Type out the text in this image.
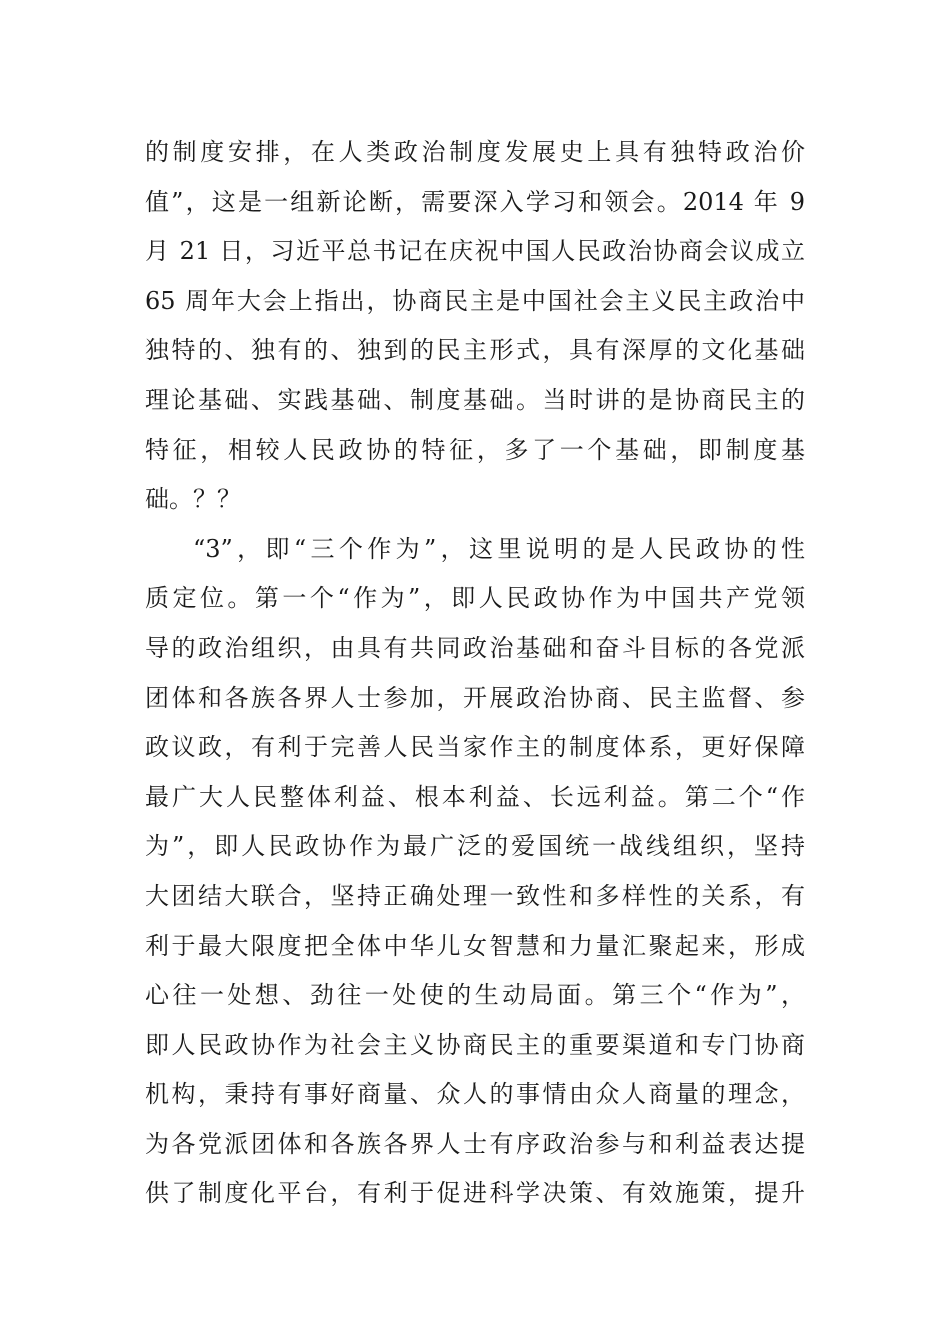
的制度安排，在人类政治制度发展史上具有独特政治价
值”，这是一组新论断，需要深入学习和领会。2014 年 9
月 21 日，习近平总书记在庆祝中国人民政治协商会议成立
65 周年大会上指出，协商民主是中国社会主义民主政治中
独特的、独有的、独到的民主形式，具有深厚的文化基础
理论基础、实践基础、制度基础。当时讲的是协商民主的
特征，相较人民政协的特征，多了一个基础，即制度基
础。？？
“3”，即“三个作为”，这里说明的是人民政协的性
质定位。第一个“作为”，即人民政协作为中国共产党领
导的政治组织，由具有共同政治基础和奋斗目标的各党派
团体和各族各界人士参加，开展政治协商、民主监督、参
政议政，有利于完善人民当家作主的制度体系，更好保障
最广大人民整体利益、根本利益、长远利益。第二个“作
为”，即人民政协作为最广泛的爱国统一战线组织，坚持
大团结大联合，坚持正确处理一致性和多样性的关系，有
利于最大限度把全体中华儿女智慧和力量汇聚起来，形成
心往一处想、劲往一处使的生动局面。第三个“作为”，
即人民政协作为社会主义协商民主的重要渠道和专门协商
机构，秉持有事好商量、众人的事情由众人商量的理念，
为各党派团体和各族各界人士有序政治参与和利益表达提
供了制度化平台，有利于促进科学决策、有效施策，提升
